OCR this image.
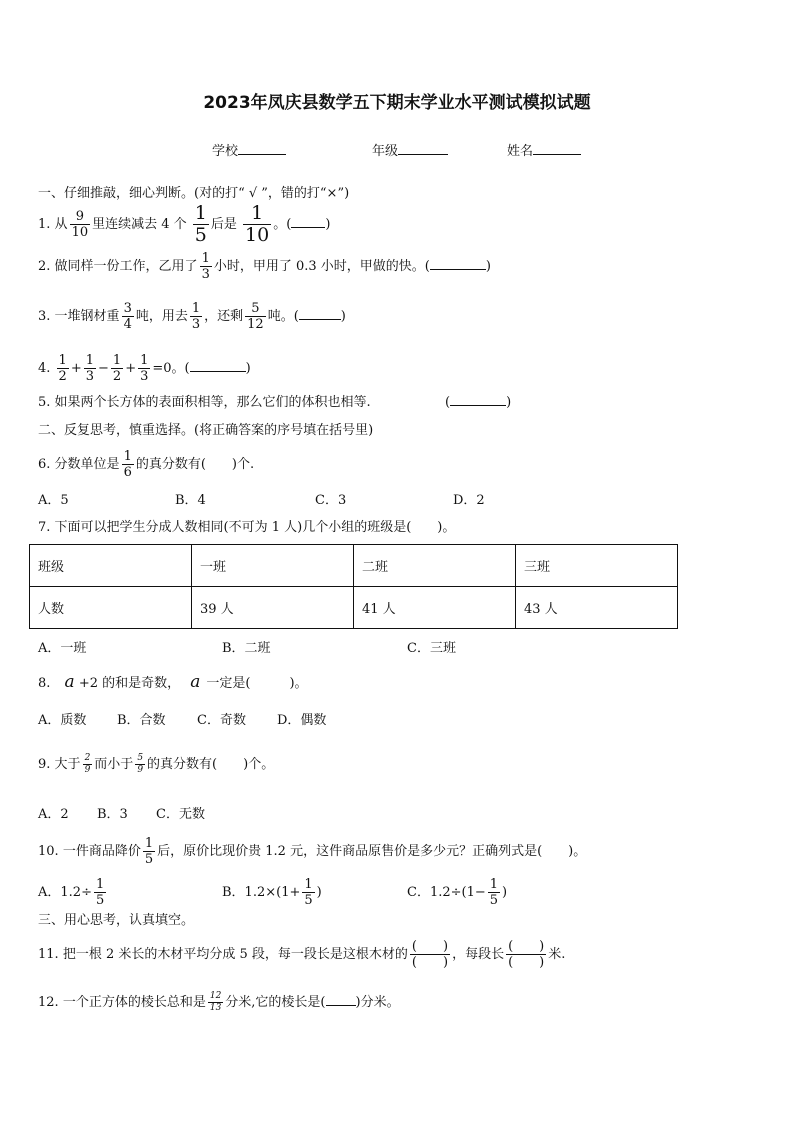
2023年凤庆县数学五下期末学业水平测试模拟试题
学校	年级	姓名
一、仔细推敲，细心判断。(对的打“ √ ”，错的打“×”)
1. 从 $\frac{9}{10}$ 里连续减去 4 个 $\frac{1}{5}$ 后是 $\frac{1}{10}$ 。(	)
2. 做同样一份工作，乙用了 $\frac{1}{3}$ 小时，甲用了 0.3 小时，甲做的快。(	)
3. 一堆钢材重 $\frac{3}{4}$ 吨，用去 $\frac{1}{3}$ ，还剩 $\frac{5}{12}$ 吨。(	)
4. $\frac{1}{2} + \frac{1}{3} - \frac{1}{2} + \frac{1}{3} =0$。(	)
5. 如果两个长方体的表面积相等，那么它们的体积也相等.	(	)
二、反复思考，慎重选择。(将正确答案的序号填在括号里)
6. 分数单位是 $\frac{1}{6}$ 的真分数有(　　)个.
A．5	B．4	C．3	D．2
7. 下面可以把学生分成人数相同(不可为 1 人)几个小组的班级是(　　)。
班级	一班	二班	三班
人数	39 人	41 人	43 人
A．一班	B．二班	C．三班
8. a +2 的和是奇数， a 一定是(　　　)。
A．质数 B．合数 C．奇数 D．偶数
9. 大于 $\frac{2}{9}$ 而小于 $\frac{5}{9}$ 的真分数有(　　)个。
A．2 B．3 C．无数
10. 一件商品降价 $\frac{1}{5}$ 后，原价比现价贵 1.2 元，这件商品原售价是多少元？正确列式是(　　)。
A．$1.2\div \frac{1}{5}$	B．$1.2\times(1+ \frac{1}{5}$ )	C．$1.2\div(1- \frac{1}{5}$ )
三、用心思考，认真填空。
11. 把一根 2 米长的木材平均分成 5 段，每一段长是这根木材的
(　　)
(　　)
，每段长
(　　)
(　　)
米.
12. 一个正方体的棱长总和是 $\frac{12}{13}$ 分米,它的棱长是( )分米。
